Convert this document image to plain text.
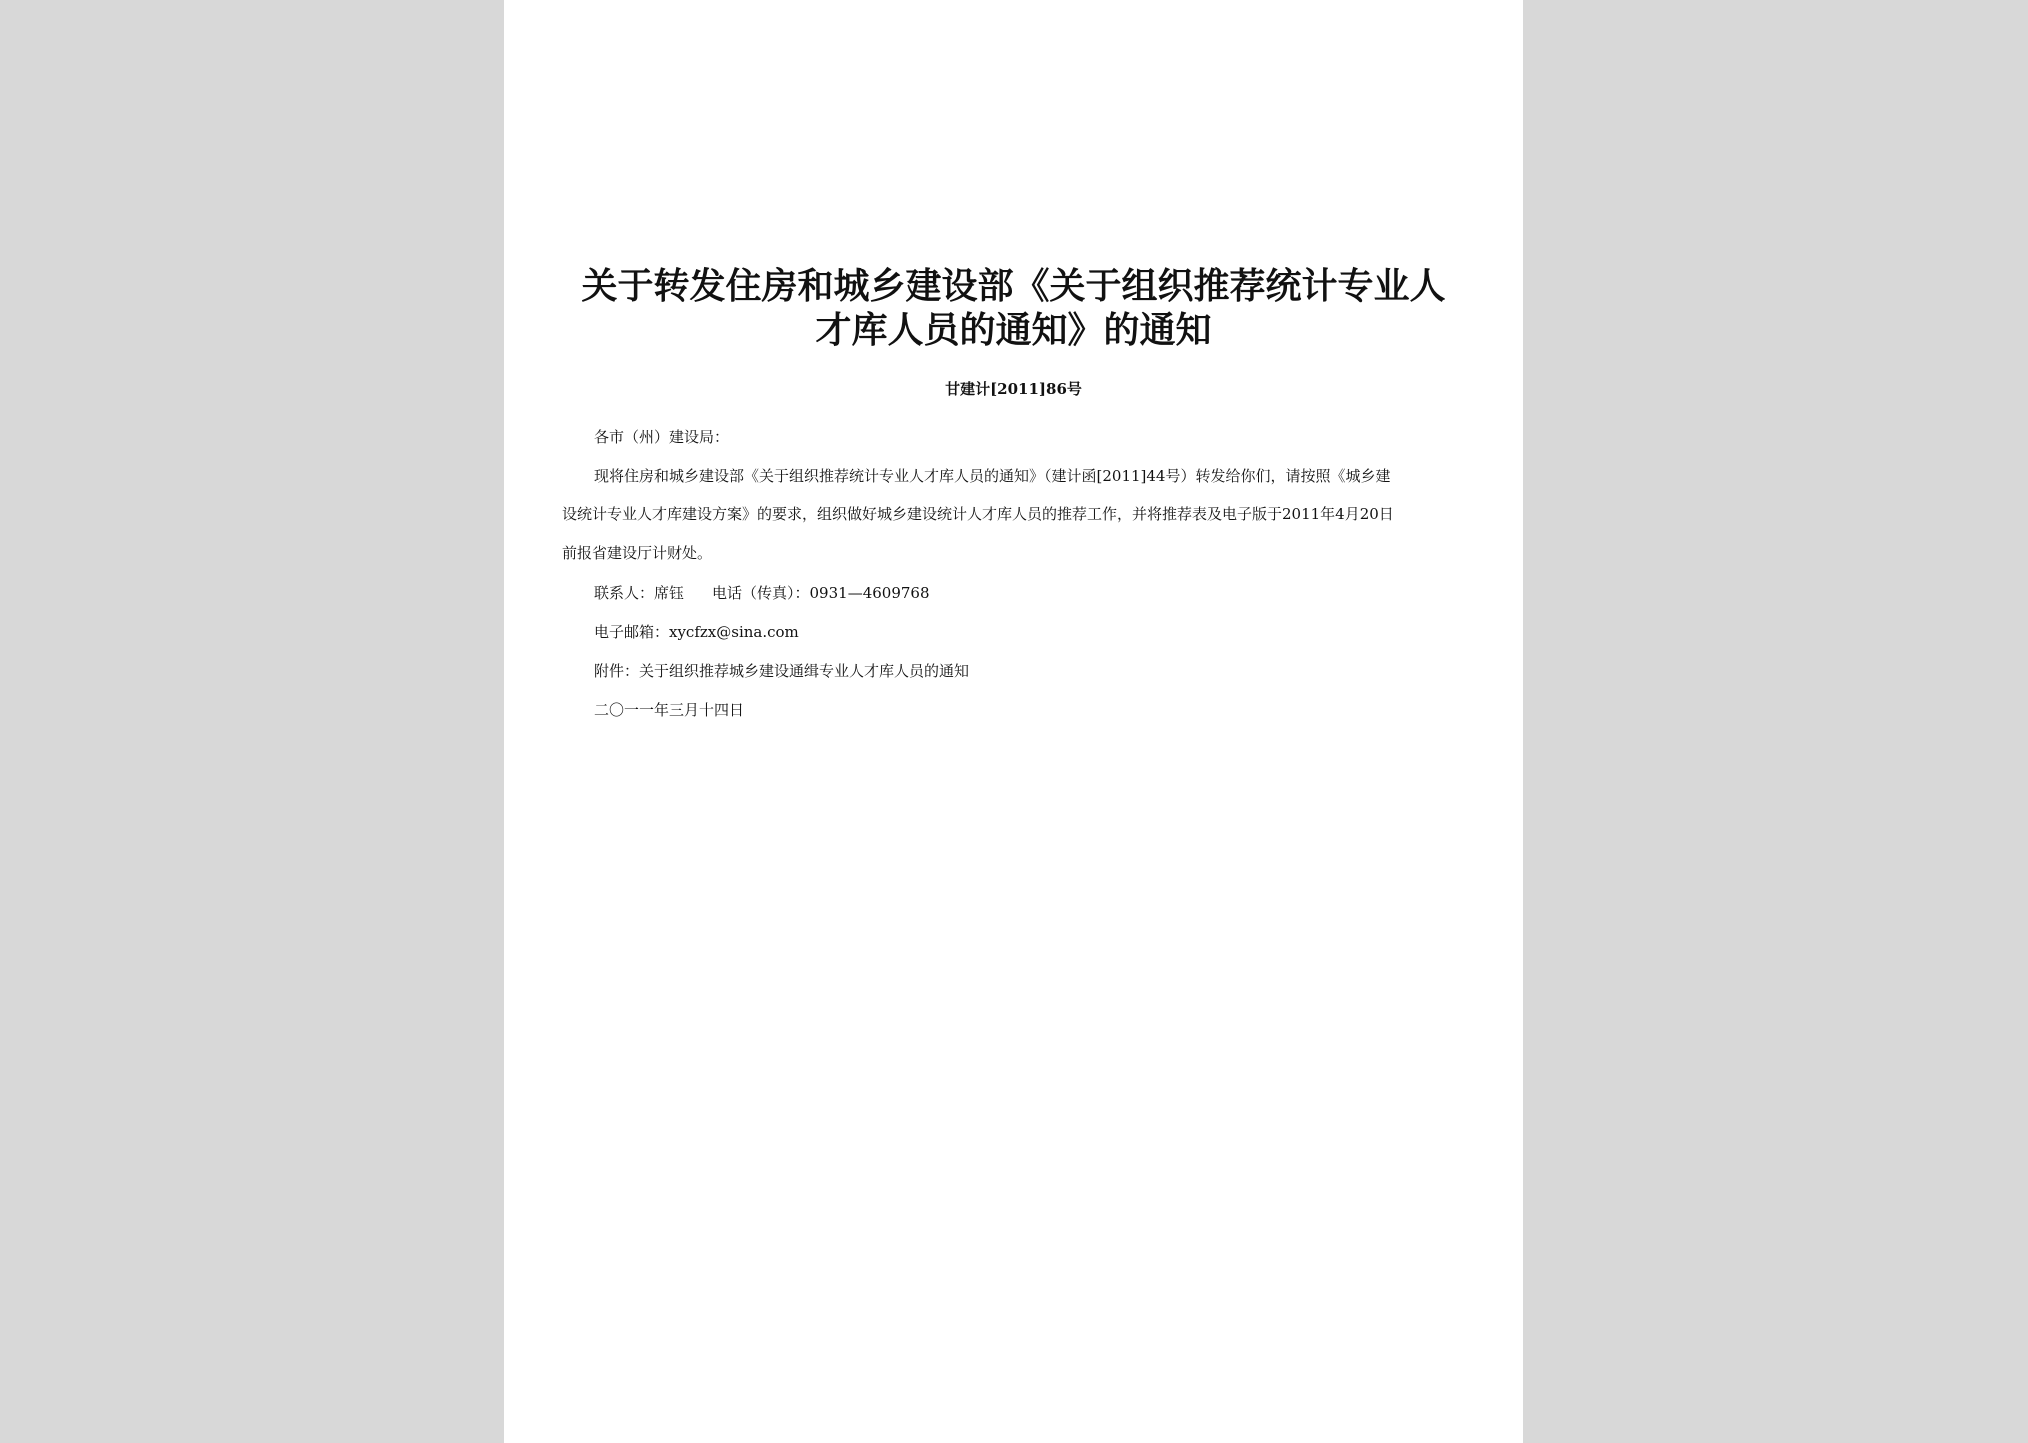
关于转发住房和城乡建设部《关于组织推荐统计专业人
才库人员的通知》的通知
甘建计[2011]86号
各市（州）建设局：
现将住房和城乡建设部《关于组织推荐统计专业人才库人员的通知》（建计函[2011]44号）转发给你们，请按照《城乡建
设统计专业人才库建设方案》的要求，组织做好城乡建设统计人才库人员的推荐工作，并将推荐表及电子版于2011年4月20日
前报省建设厅计财处。
联系人：席钰 电话（传真）：0931—4609768
电子邮箱：xycfzx@sina.com
附件：关于组织推荐城乡建设通缉专业人才库人员的通知
二〇一一年三月十四日
